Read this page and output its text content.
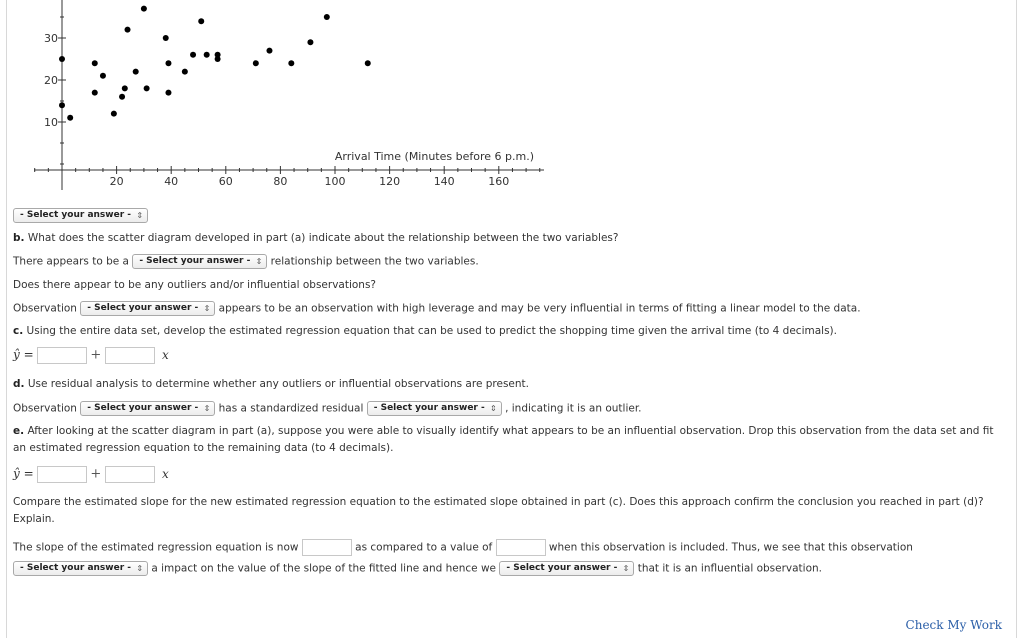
20	40	60	80	100	120	140	160
10
20
30
Arrival Time (Minutes before 6 p.m.)
- Select your answer - ⇕
b. What does the scatter diagram developed in part (a) indicate about the relationship between the two variables?
There appears to be a - Select your answer - ⇕ relationship between the two variables.
Does there appear to be any outliers and/or influential observations?
Observation - Select your answer - ⇕ appears to be an observation with high leverage and may be very influential in terms of fitting a linear model to the data.
c. Using the entire data set, develop the estimated regression equation that can be used to predict the shopping time given the arrival time (to 4 decimals).
ŷ =	+	x
d. Use residual analysis to determine whether any outliers or influential observations are present.
Observation - Select your answer - ⇕ has a standardized residual - Select your answer - ⇕ , indicating it is an outlier.
e. After looking at the scatter diagram in part (a), suppose you were able to visually identify what appears to be an influential observation. Drop this observation from the data set and fit an estimated regression equation to the remaining data (to 4 decimals).
ŷ =	+	x
Compare the estimated slope for the new estimated regression equation to the estimated slope obtained in part (c). Does this approach confirm the conclusion you reached in part (d)? Explain.
The slope of the estimated regression equation is now	as compared to a value of	when this observation is included. Thus, we see that this observation
- Select your answer - ⇕ a impact on the value of the slope of the fitted line and hence we - Select your answer - ⇕ that it is an influential observation.
Check My Work
